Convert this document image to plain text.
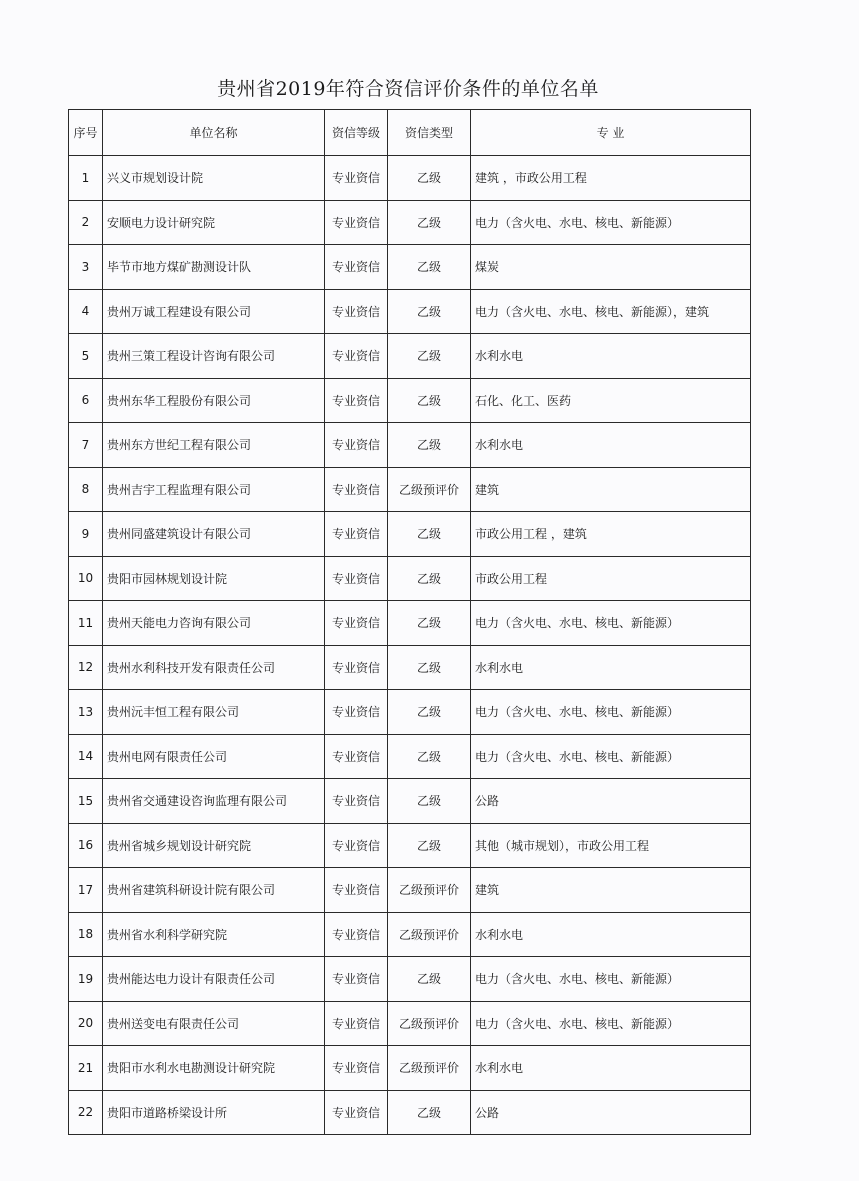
贵州省2019年符合资信评价条件的单位名单
序号	单位名称	资信等级	资信类型	专 业
1	兴义市规划设计院	专业资信	乙级	建筑 ，市政公用工程
2	安顺电力设计研究院	专业资信	乙级	电力（含火电、水电、核电、新能源）
3	毕节市地方煤矿勘测设计队	专业资信	乙级	煤炭
4	贵州万诚工程建设有限公司	专业资信	乙级	电力（含火电、水电、核电、新能源），建筑
5	贵州三策工程设计咨询有限公司	专业资信	乙级	水利水电
6	贵州东华工程股份有限公司	专业资信	乙级	石化、化工、医药
7	贵州东方世纪工程有限公司	专业资信	乙级	水利水电
8	贵州吉宇工程监理有限公司	专业资信	乙级预评价	建筑
9	贵州同盛建筑设计有限公司	专业资信	乙级	市政公用工程 ，建筑
10	贵阳市园林规划设计院	专业资信	乙级	市政公用工程
11	贵州天能电力咨询有限公司	专业资信	乙级	电力（含火电、水电、核电、新能源）
12	贵州水利科技开发有限责任公司	专业资信	乙级	水利水电
13	贵州沅丰恒工程有限公司	专业资信	乙级	电力（含火电、水电、核电、新能源）
14	贵州电网有限责任公司	专业资信	乙级	电力（含火电、水电、核电、新能源）
15	贵州省交通建设咨询监理有限公司	专业资信	乙级	公路
16	贵州省城乡规划设计研究院	专业资信	乙级	其他（城市规划），市政公用工程
17	贵州省建筑科研设计院有限公司	专业资信	乙级预评价	建筑
18	贵州省水利科学研究院	专业资信	乙级预评价	水利水电
19	贵州能达电力设计有限责任公司	专业资信	乙级	电力（含火电、水电、核电、新能源）
20	贵州送变电有限责任公司	专业资信	乙级预评价	电力（含火电、水电、核电、新能源）
21	贵阳市水利水电勘测设计研究院	专业资信	乙级预评价	水利水电
22	贵阳市道路桥梁设计所	专业资信	乙级	公路
